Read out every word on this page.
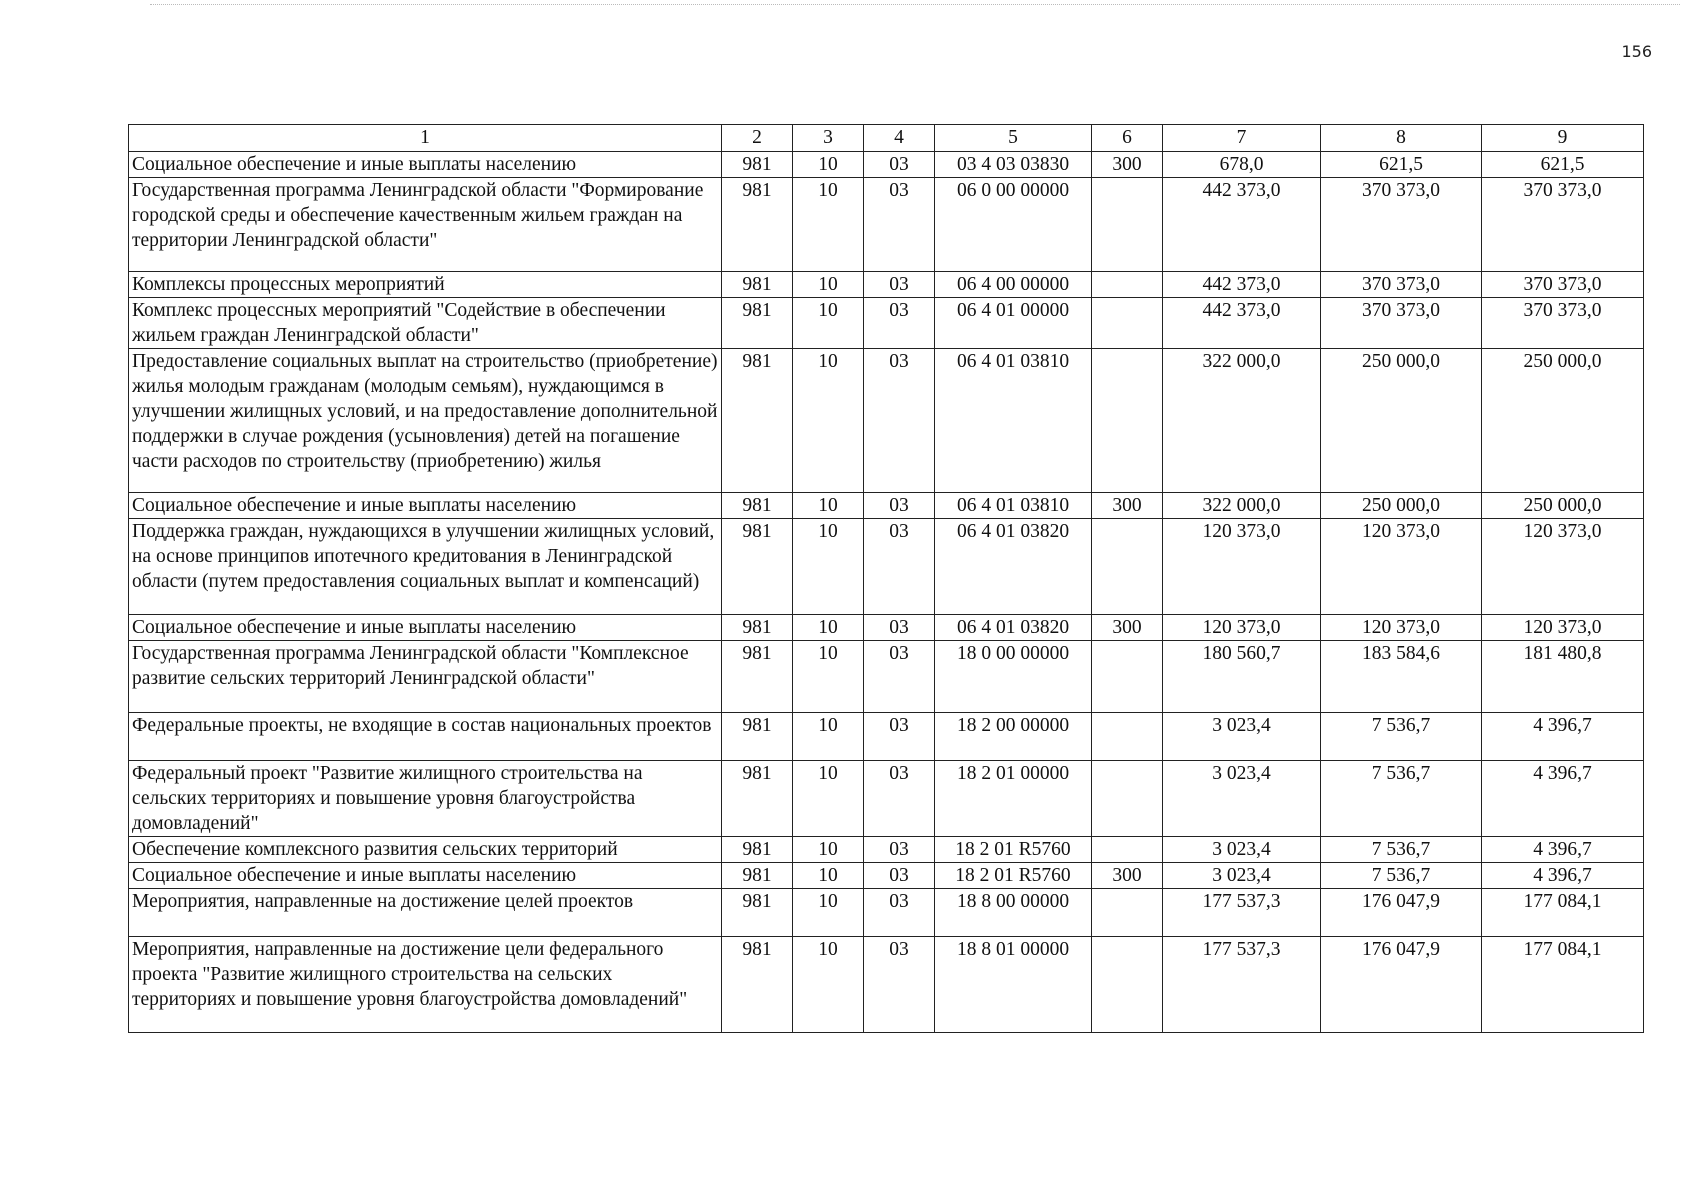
156
1	2	3	4	5	6	7	8	9
Социальное обеспечение и иные выплаты населению	981	10	03	03 4 03 03830	300	678,0	621,5	621,5
Государственная программа Ленинградской области "Формирование городской среды и обеспечение качественным жильем граждан на территории Ленинградской области"	981	10	03	06 0 00 00000		442 373,0	370 373,0	370 373,0
Комплексы процессных мероприятий	981	10	03	06 4 00 00000		442 373,0	370 373,0	370 373,0
Комплекс процессных мероприятий "Содействие в обеспечении жильем граждан Ленинградской области"	981	10	03	06 4 01 00000		442 373,0	370 373,0	370 373,0
Предоставление социальных выплат на строительство (приобретение) жилья молодым гражданам (молодым семьям), нуждающимся в улучшении жилищных условий, и на предоставление дополнительной поддержки в случае рождения (усыновления) детей на погашение части расходов по строительству (приобретению) жилья	981	10	03	06 4 01 03810		322 000,0	250 000,0	250 000,0
Социальное обеспечение и иные выплаты населению	981	10	03	06 4 01 03810	300	322 000,0	250 000,0	250 000,0
Поддержка граждан, нуждающихся в улучшении жилищных условий, на основе принципов ипотечного кредитования в Ленинградской области (путем предоставления социальных выплат и компенсаций)	981	10	03	06 4 01 03820		120 373,0	120 373,0	120 373,0
Социальное обеспечение и иные выплаты населению	981	10	03	06 4 01 03820	300	120 373,0	120 373,0	120 373,0
Государственная программа Ленинградской области "Комплексное развитие сельских территорий Ленинградской области"	981	10	03	18 0 00 00000		180 560,7	183 584,6	181 480,8
Федеральные проекты, не входящие в состав национальных проектов	981	10	03	18 2 00 00000		3 023,4	7 536,7	4 396,7
Федеральный проект "Развитие жилищного строительства на сельских территориях и повышение уровня благоустройства домовладений"	981	10	03	18 2 01 00000		3 023,4	7 536,7	4 396,7
Обеспечение комплексного развития сельских территорий	981	10	03	18 2 01 R5760		3 023,4	7 536,7	4 396,7
Социальное обеспечение и иные выплаты населению	981	10	03	18 2 01 R5760	300	3 023,4	7 536,7	4 396,7
Мероприятия, направленные на достижение целей проектов	981	10	03	18 8 00 00000		177 537,3	176 047,9	177 084,1
Мероприятия, направленные на достижение цели федерального проекта "Развитие жилищного строительства на сельских территориях и повышение уровня благоустройства домовладений"	981	10	03	18 8 01 00000		177 537,3	176 047,9	177 084,1
